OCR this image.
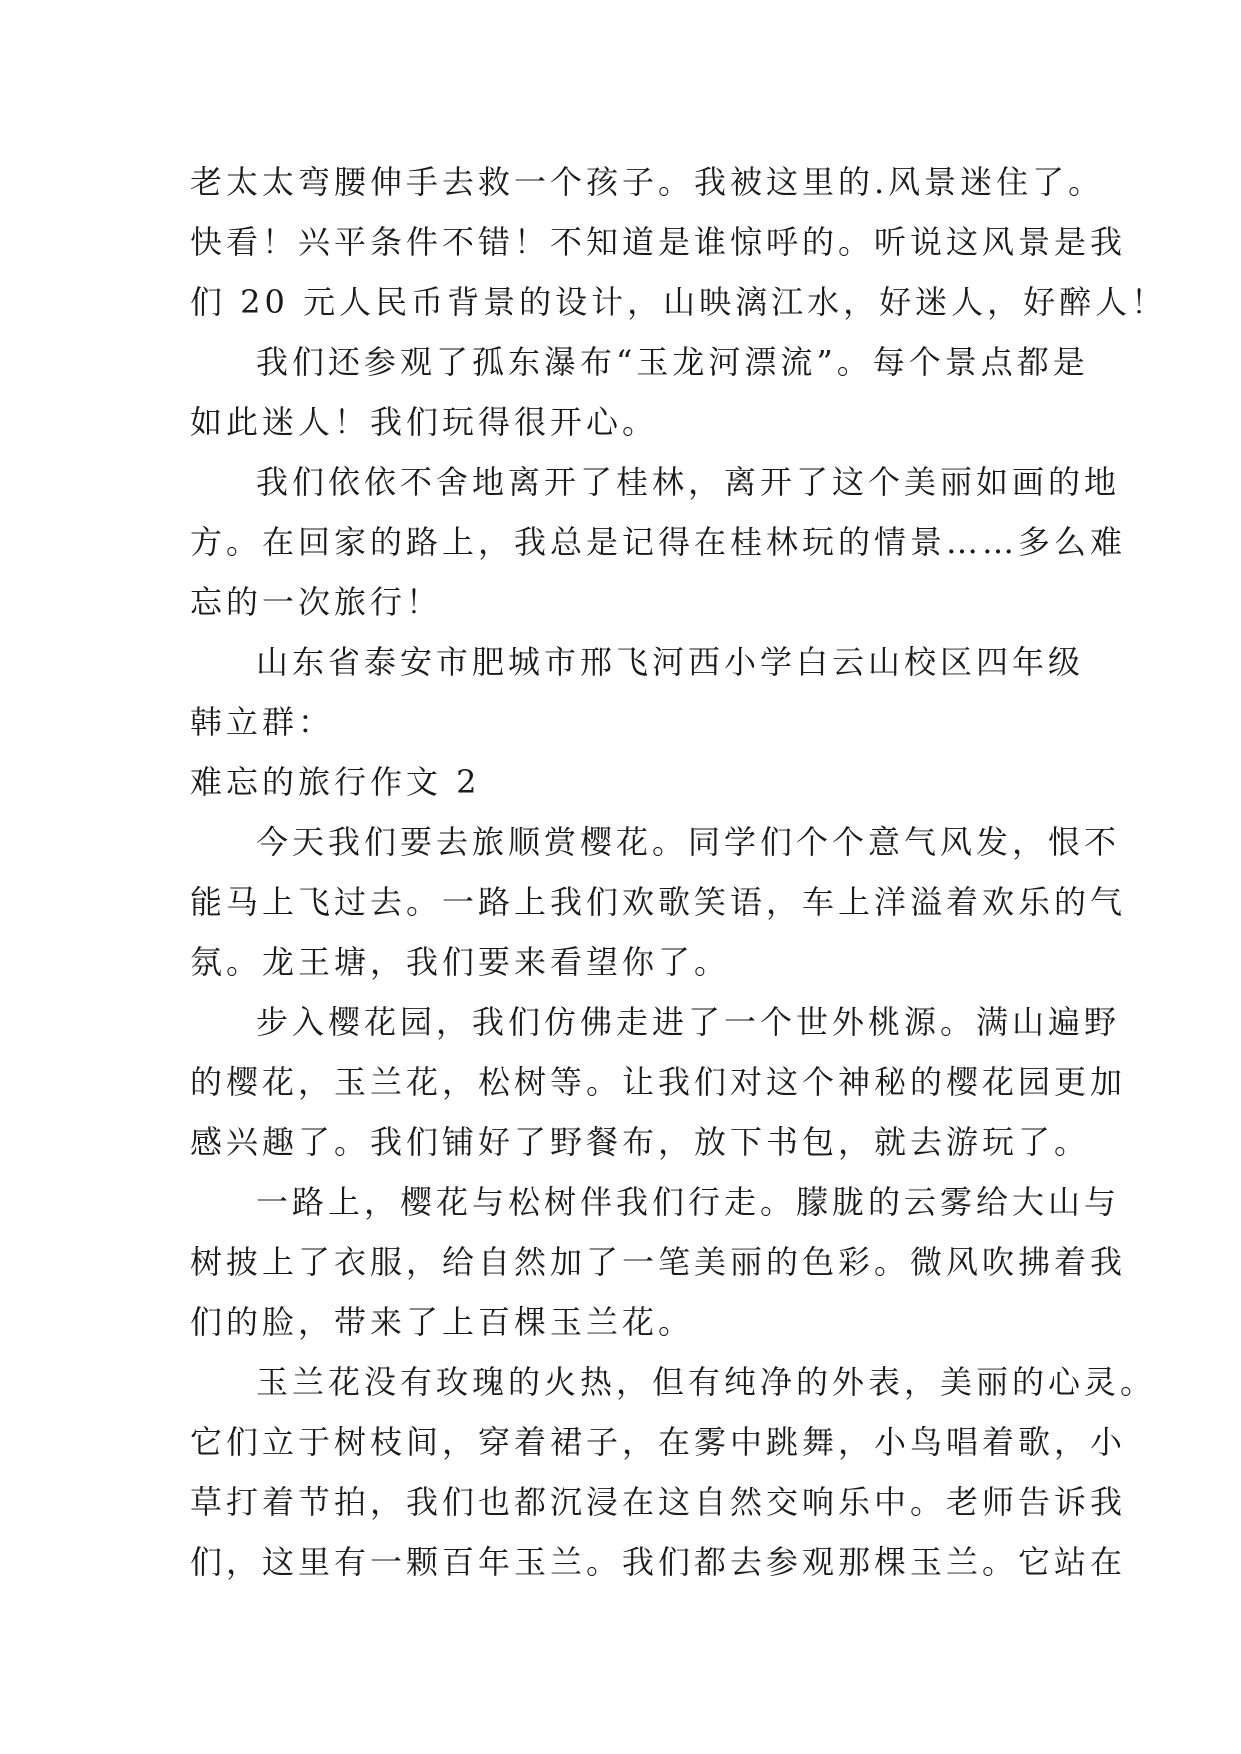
老太太弯腰伸手去救一个孩子。我被这里的.风景迷住了。
快看！兴平条件不错！不知道是谁惊呼的。听说这风景是我
们 20 元人民币背景的设计，山映漓江水，好迷人，好醉人！
我们还参观了孤东瀑布“玉龙河漂流”。每个景点都是
如此迷人！我们玩得很开心。
我们依依不舍地离开了桂林，离开了这个美丽如画的地
方。在回家的路上，我总是记得在桂林玩的情景……多么难
忘的一次旅行！
山东省泰安市肥城市邢飞河西小学白云山校区四年级
韩立群：
难忘的旅行作文 2
今天我们要去旅顺赏樱花。同学们个个意气风发，恨不
能马上飞过去。一路上我们欢歌笑语，车上洋溢着欢乐的气
氛。龙王塘，我们要来看望你了。
步入樱花园，我们仿佛走进了一个世外桃源。满山遍野
的樱花，玉兰花，松树等。让我们对这个神秘的樱花园更加
感兴趣了。我们铺好了野餐布，放下书包，就去游玩了。
一路上，樱花与松树伴我们行走。朦胧的云雾给大山与
树披上了衣服，给自然加了一笔美丽的色彩。微风吹拂着我
们的脸，带来了上百棵玉兰花。
玉兰花没有玫瑰的火热，但有纯净的外表，美丽的心灵。
它们立于树枝间，穿着裙子，在雾中跳舞，小鸟唱着歌，小
草打着节拍，我们也都沉浸在这自然交响乐中。老师告诉我
们，这里有一颗百年玉兰。我们都去参观那棵玉兰。它站在
